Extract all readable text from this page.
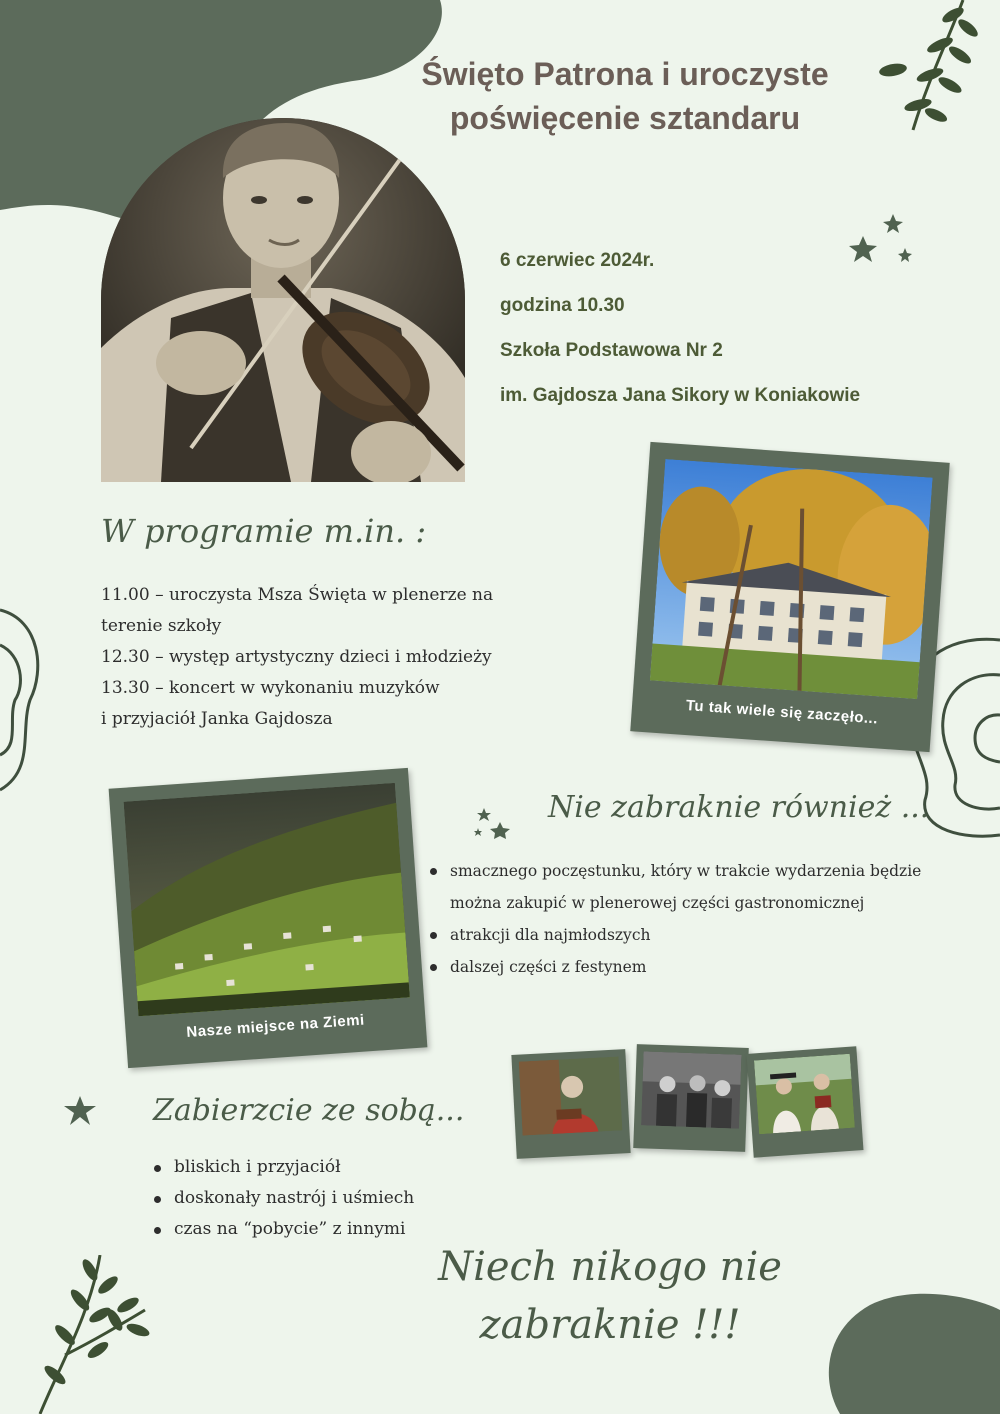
Święto Patrona i uroczyste
poświęcenie sztandaru
6 czerwiec 2024r.
godzina 10.30
Szkoła Podstawowa Nr 2
im. Gajdosza Jana Sikory w Koniakowie
Tu tak wiele się zaczęło...
W programie m.in. :
11.00 – uroczysta Msza Święta w plenerze na
terenie szkoły
12.30 – występ artystyczny dzieci i młodzieży
13.30 – koncert w wykonaniu muzyków
i przyjaciół Janka Gajdosza
Nasze miejsce na Ziemi
Nie zabraknie również ...
smacznego poczęstunku, który w trakcie wydarzenia będzie
można zakupić w plenerowej części gastronomicznej
atrakcji dla najmłodszych
dalszej części z festynem
Zabierzcie ze sobą...
bliskich i przyjaciół
doskonały nastrój i uśmiech
czas na “pobycie” z innymi
Niech nikogo nie
zabraknie !!!
